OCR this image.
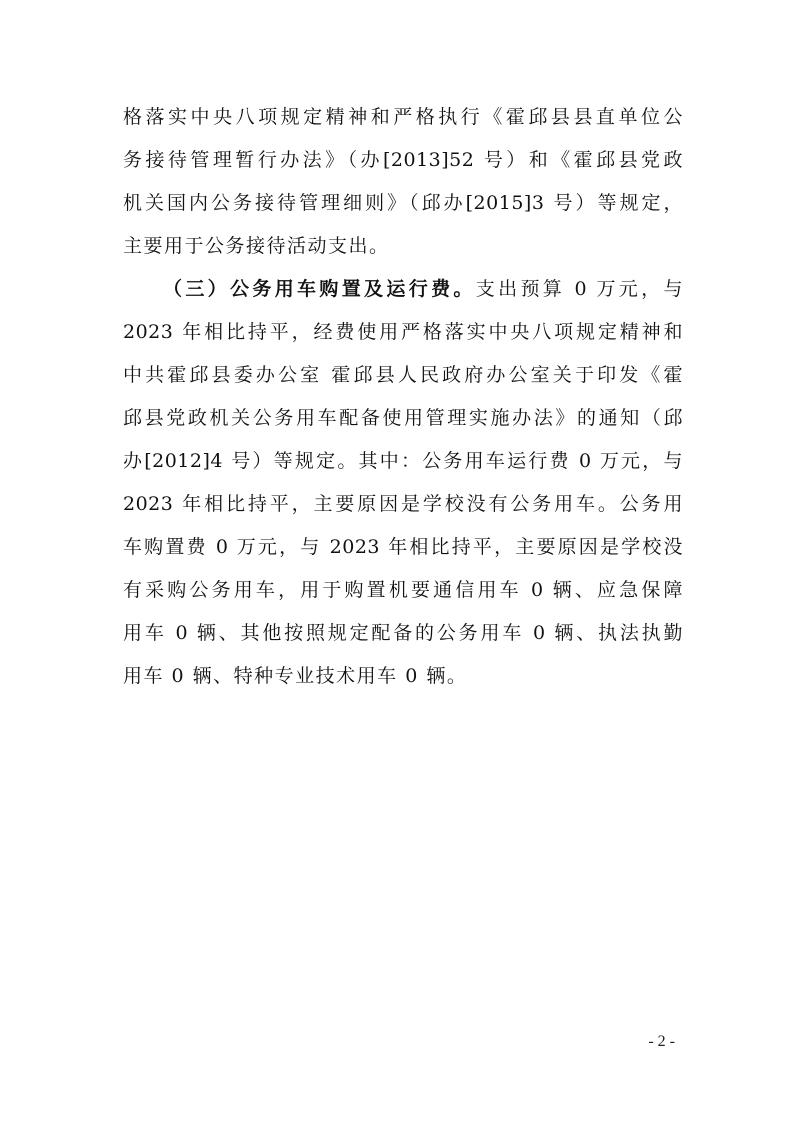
格落实中央八项规定精神和严格执行《霍邱县县直单位公
务接待管理暂行办法》（办[2013]52 号）和《霍邱县党政
机关国内公务接待管理细则》（邱办[2015]3 号）等规定，
主要用于公务接待活动支出。
（三）公务用车购置及运行费。支出预算 0 万元，与
2023 年相比持平，经费使用严格落实中央八项规定精神和
中共霍邱县委办公室 霍邱县人民政府办公室关于印发《霍
邱县党政机关公务用车配备使用管理实施办法》的通知（邱
办[2012]4 号）等规定。其中：公务用车运行费 0 万元，与
2023 年相比持平，主要原因是学校没有公务用车。公务用
车购置费 0 万元，与 2023 年相比持平，主要原因是学校没
有采购公务用车，用于购置机要通信用车 0 辆、应急保障
用车 0 辆、其他按照规定配备的公务用车 0 辆、执法执勤
用车 0 辆、特种专业技术用车 0 辆。
- 2 -
